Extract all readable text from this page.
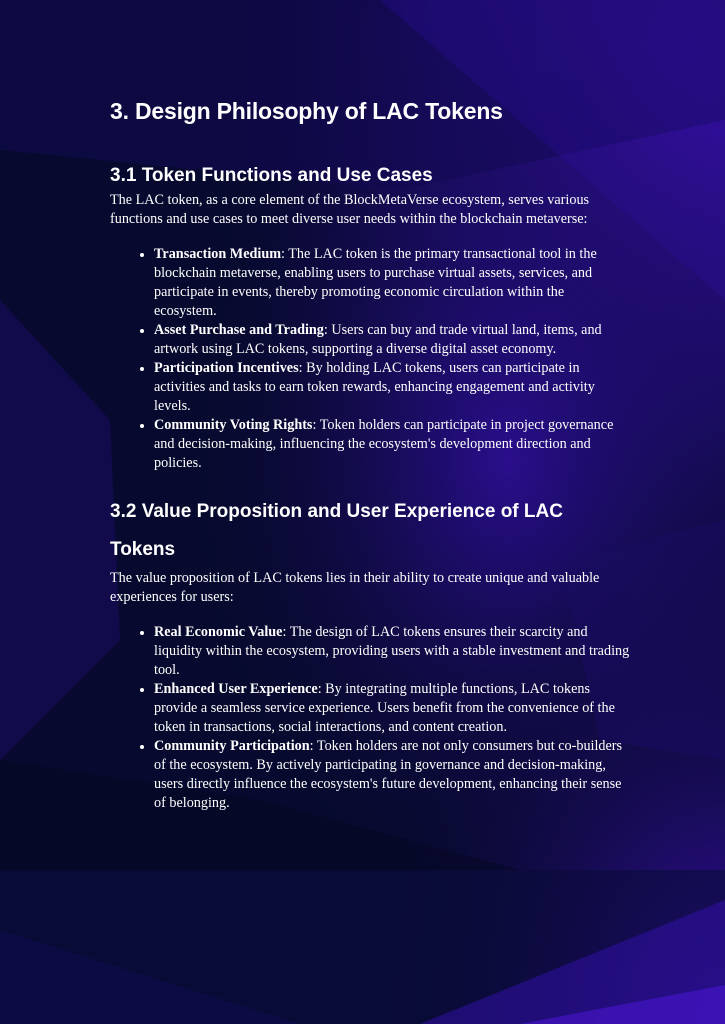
3. Design Philosophy of LAC Tokens
3.1 Token Functions and Use Cases

The LAC token, as a core element of the BlockMetaVerse ecosystem, serves various functions and use cases to meet diverse user needs within the blockchain metaverse:

• Transaction Medium: The LAC token is the primary transactional tool in the blockchain metaverse, enabling users to purchase virtual assets, services, and participate in events, thereby promoting economic circulation within the ecosystem.
• Asset Purchase and Trading: Users can buy and trade virtual land, items, and artwork using LAC tokens, supporting a diverse digital asset economy.
• Participation Incentives: By holding LAC tokens, users can participate in activities and tasks to earn token rewards, enhancing engagement and activity levels.
• Community Voting Rights: Token holders can participate in project governance and decision-making, influencing the ecosystem's development direction and policies.
3.2 Value Proposition and User Experience of LAC Tokens

The value proposition of LAC tokens lies in their ability to create unique and valuable experiences for users:

• Real Economic Value: The design of LAC tokens ensures their scarcity and liquidity within the ecosystem, providing users with a stable investment and trading tool.
• Enhanced User Experience: By integrating multiple functions, LAC tokens provide a seamless service experience. Users benefit from the convenience of the token in transactions, social interactions, and content creation.
• Community Participation: Token holders are not only consumers but co-builders of the ecosystem. By actively participating in governance and decision-making, users directly influence the ecosystem's future development, enhancing their sense of belonging.
